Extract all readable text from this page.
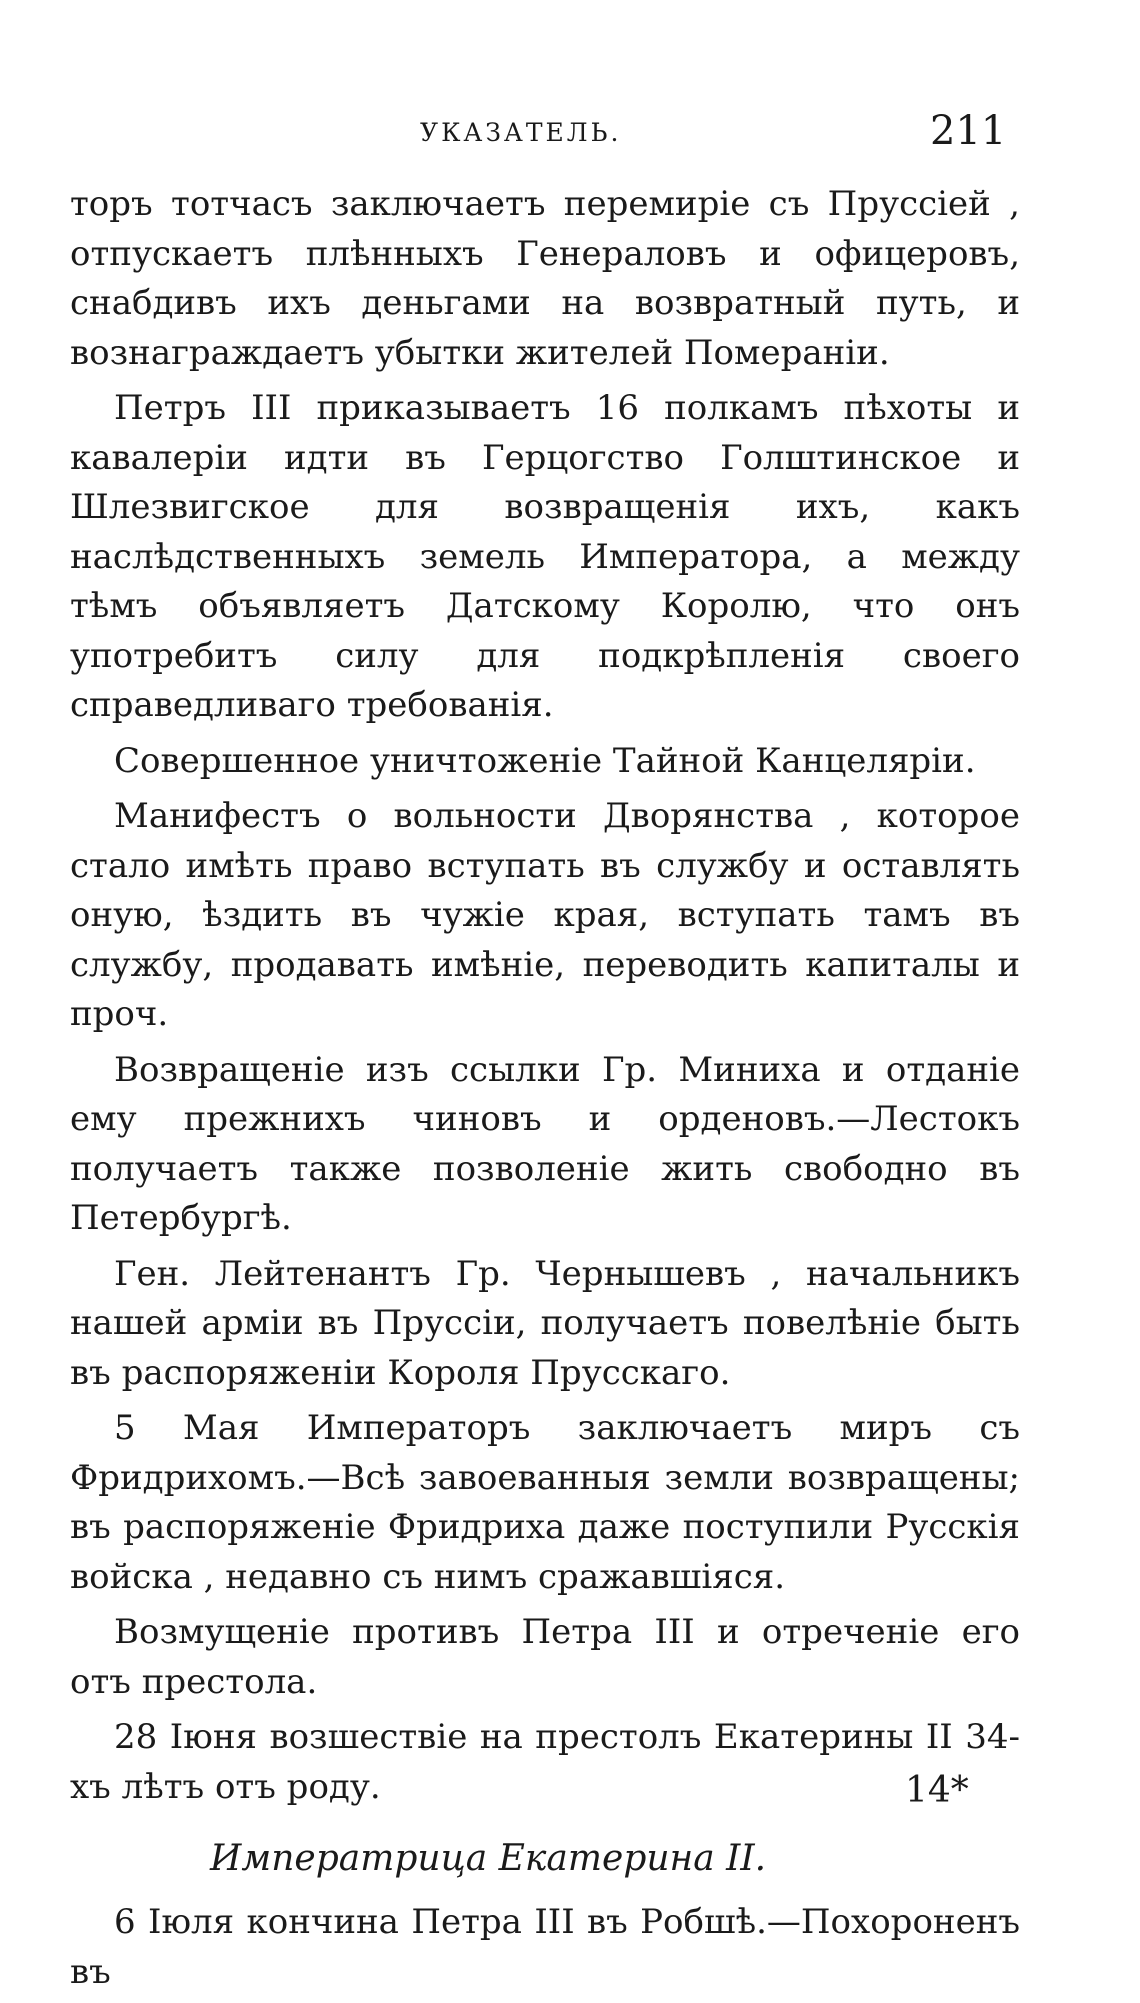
УКАЗАТЕЛЬ.	211

торъ тотчасъ заключаетъ перемиріе съ Пруссіей , отпускаетъ плѣнныхъ Генераловъ и офицеровъ, снабдивъ ихъ деньгами на возвратный путь, и вознаграждаетъ убытки жителей Помераніи.

Петръ III приказываетъ 16 полкамъ пѣхоты и кавалеріи идти въ Герцогство Голштинское и Шлезвигское для возвращенія ихъ, какъ наслѣдственныхъ земель Императора, а между тѣмъ объявляетъ Датскому Королю, что онъ употребитъ силу для подкрѣпленія своего справедливаго требованія.

Совершенное уничтоженіе Тайной Канцеляріи.

Манифестъ о вольности Дворянства , которое стало имѣть право вступать въ службу и оставлять оную, ѣздить въ чужіе края, вступать тамъ въ службу, продавать имѣніе, переводить капиталы и проч.

Возвращеніе изъ ссылки Гр. Миниха и отданіе ему прежнихъ чиновъ и орденовъ.—Лестокъ получаетъ также позволеніе жить свободно въ Петербургѣ.

Ген. Лейтенантъ Гр. Чернышевъ , начальникъ нашей арміи въ Пруссіи, получаетъ повелѣніе быть въ распоряженіи Короля Прусскаго.

5 Мая Императоръ заключаетъ миръ съ Фридрихомъ.—Всѣ завоеванныя земли возвращены; въ распоряженіе Фридриха даже поступили Русскія войска , недавно съ нимъ сражавшіяся.

Возмущеніе противъ Петра III и отреченіе его отъ престола.

28 Іюня возшествіе на престолъ Екатерины II 34-хъ лѣтъ отъ роду.

Императрица Екатерина II.

6 Іюля кончина Петра III въ Робшѣ.—Похороненъ въ

14*
